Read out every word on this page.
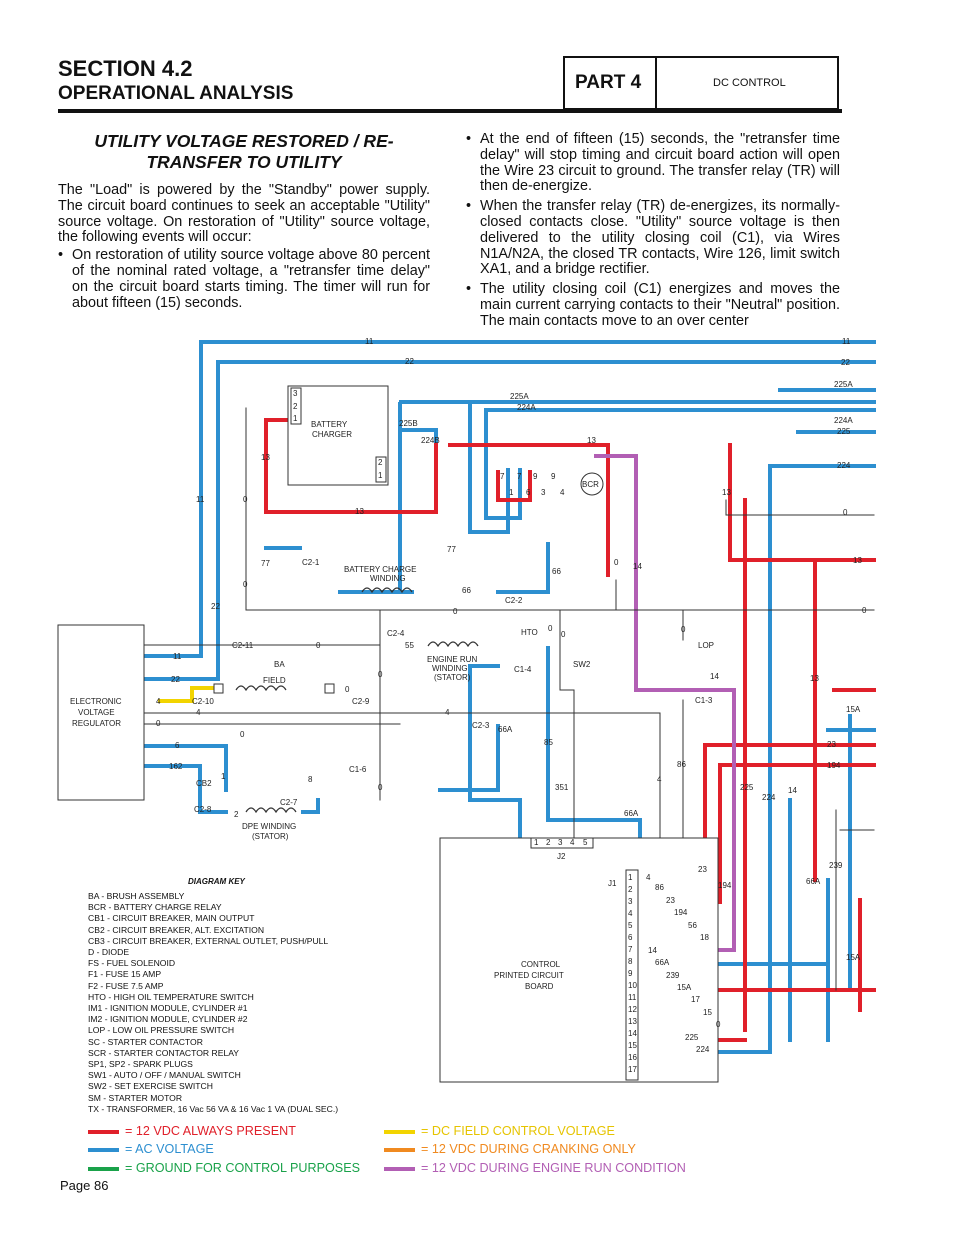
SECTION 4.2
OPERATIONAL ANALYSIS
PART 4	DC CONTROL
UTILITY VOLTAGE RESTORED / RE-TRANSFER TO UTILITY

The "Load" is powered by the "Standby" power supply. The circuit board continues to seek an acceptable "Utility" source voltage. On restoration of "Utility" source voltage, the following events will occur:

• On restoration of utility source voltage above 80 percent of the nominal rated voltage, a "retransfer time delay" on the circuit board starts timing. The timer will run for about fifteen (15) seconds.
• At the end of fifteen (15) seconds, the "retransfer time delay" will stop timing and circuit board action will open the Wire 23 circuit to ground. The transfer relay (TR) will then de-energize.
• When the transfer relay (TR) de-energizes, its normally-closed contacts close. "Utility" source voltage is then delivered to the utility closing coil (C1), via Wires N1A/N2A, the closed TR contacts, Wire 126, limit switch XA1, and a bridge rectifier.
• The utility closing coil (C1) energizes and moves the main current carrying contacts to their "Neutral" position. The main contacts move to an over center
BATTERY
CHARGER
BATTERY CHARGE
WINDING
ENGINE RUN
WINDING
(STATOR)
ELECTRONIC
VOLTAGE
REGULATOR
DPE WINDING
(STATOR)
FIELD
BA
BCR
HTO
LOP
SW2
CB2
CONTROL
PRINTED CIRCUIT
BOARD
J1
J2
C2-1
C2-2
C2-3
C2-4
C2-7
C2-8
C2-9
C2-10
C2-11
C1-3
C1-4
C1-6
11	11
22	22
225A
225A
224A
224A
225
224
225B
224B	13
13
13
13
13
13
11
22
77
77
66
66
55
11
22
4
4	4
4
4
6
162
66A
66A
66A
66A
85
351
14
14
14
14
86
86
23
23
23
194
194
194
225
225
224
224
15A
15A
15A
239
239
56
18
17
15
0
0
0
0
0
0
0
0
0
0
0
0
0
0
0
0
7 7 9 9
1 6 3 4
3
2
1
2
1
1
2
8
1 2 3 4 5
1
2
3
4
5
6
7
8
9
10
11
12
13
14
15
16
17
DIAGRAM KEY
BA - BRUSH ASSEMBLY
BCR - BATTERY CHARGE RELAY
CB1 - CIRCUIT BREAKER, MAIN OUTPUT
CB2 - CIRCUIT BREAKER, ALT. EXCITATION
CB3 - CIRCUIT BREAKER, EXTERNAL OUTLET, PUSH/PULL
D - DIODE
FS - FUEL SOLENOID
F1 - FUSE 15 AMP
F2 - FUSE 7.5 AMP
HTO - HIGH OIL TEMPERATURE SWITCH
IM1 - IGNITION MODULE, CYLINDER #1
IM2 - IGNITION MODULE, CYLINDER #2
LOP - LOW OIL PRESSURE SWITCH
SC - STARTER CONTACTOR
SCR - STARTER CONTACTOR RELAY
SP1, SP2 - SPARK PLUGS
SW1 - AUTO / OFF / MANUAL SWITCH
SW2 - SET EXERCISE SWITCH
SM - STARTER MOTOR
TX - TRANSFORMER, 16 Vac 56 VA & 16 Vac 1 VA (DUAL SEC.)
= 12 VDC ALWAYS PRESENT
= AC VOLTAGE
= GROUND FOR CONTROL PURPOSES
= DC FIELD CONTROL VOLTAGE
= 12 VDC DURING CRANKING ONLY
= 12 VDC DURING ENGINE RUN CONDITION
Page 86
